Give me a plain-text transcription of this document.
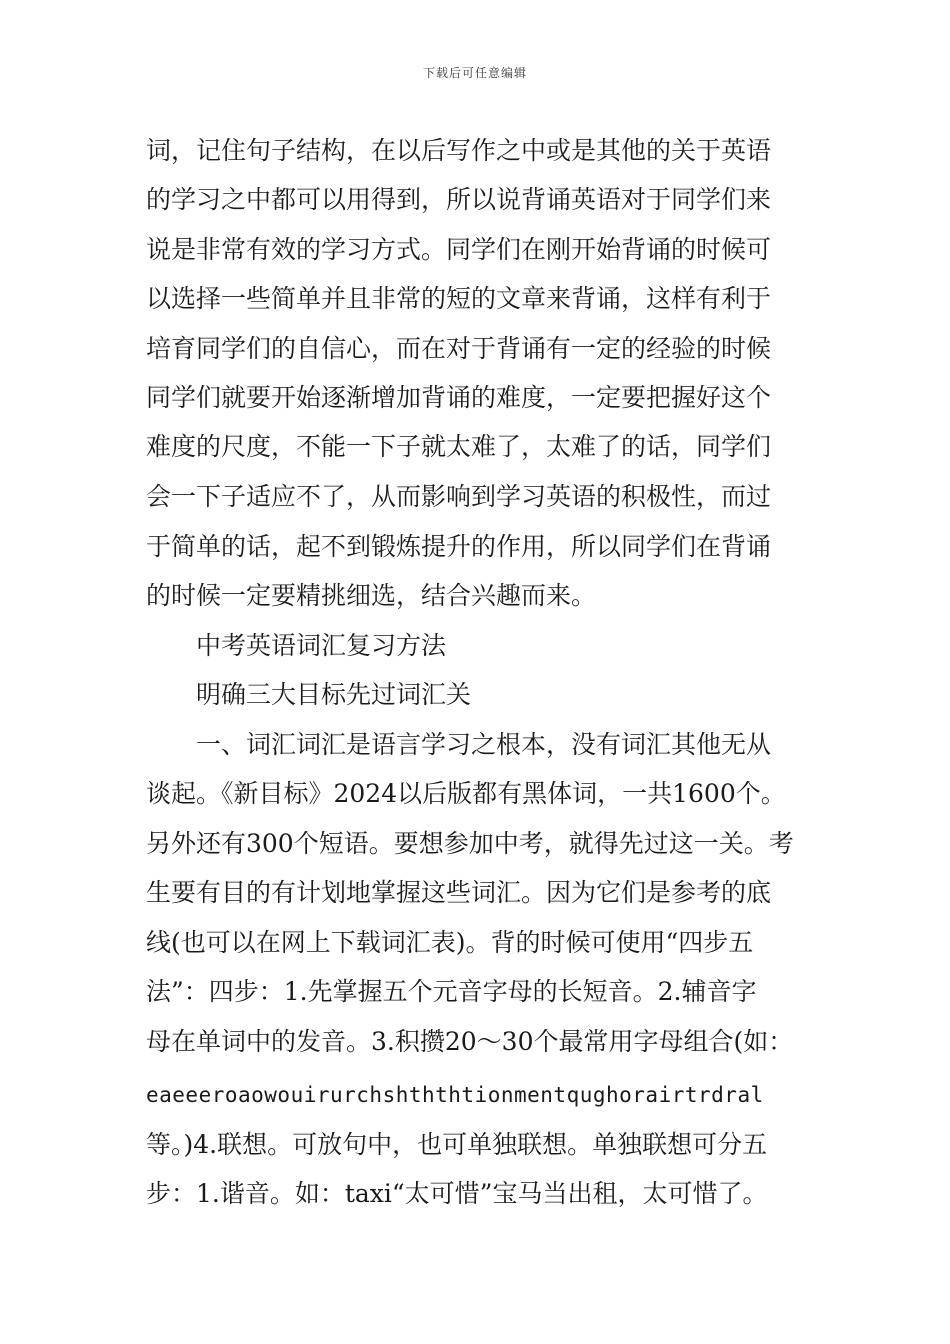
下载后可任意编辑
词，记住句子结构，在以后写作之中或是其他的关于英语
的学习之中都可以用得到，所以说背诵英语对于同学们来
说是非常有效的学习方式。同学们在刚开始背诵的时候可
以选择一些简单并且非常的短的文章来背诵，这样有利于
培育同学们的自信心，而在对于背诵有一定的经验的时候
同学们就要开始逐渐增加背诵的难度，一定要把握好这个
难度的尺度，不能一下子就太难了，太难了的话，同学们
会一下子适应不了，从而影响到学习英语的积极性，而过
于简单的话，起不到锻炼提升的作用，所以同学们在背诵
的时候一定要精挑细选，结合兴趣而来。
中考英语词汇复习方法
明确三大目标先过词汇关
一、词汇词汇是语言学习之根本，没有词汇其他无从
谈起。《新目标》2024以后版都有黑体词，一共1600个。
另外还有300个短语。要想参加中考，就得先过这一关。考
生要有目的有计划地掌握这些词汇。因为它们是参考的底
线(也可以在网上下载词汇表)。背的时候可使用“四步五
法”：四步：1.先掌握五个元音字母的长短音。2.辅音字
母在单词中的发音。3.积攒20～30个最常用字母组合(如：
eaeeeroaowouirurchshththtionmentqughorairtrdral
等。)4.联想。可放句中，也可单独联想。单独联想可分五
步：1.谐音。如：taxi“太可惜”宝马当出租，太可惜了。
